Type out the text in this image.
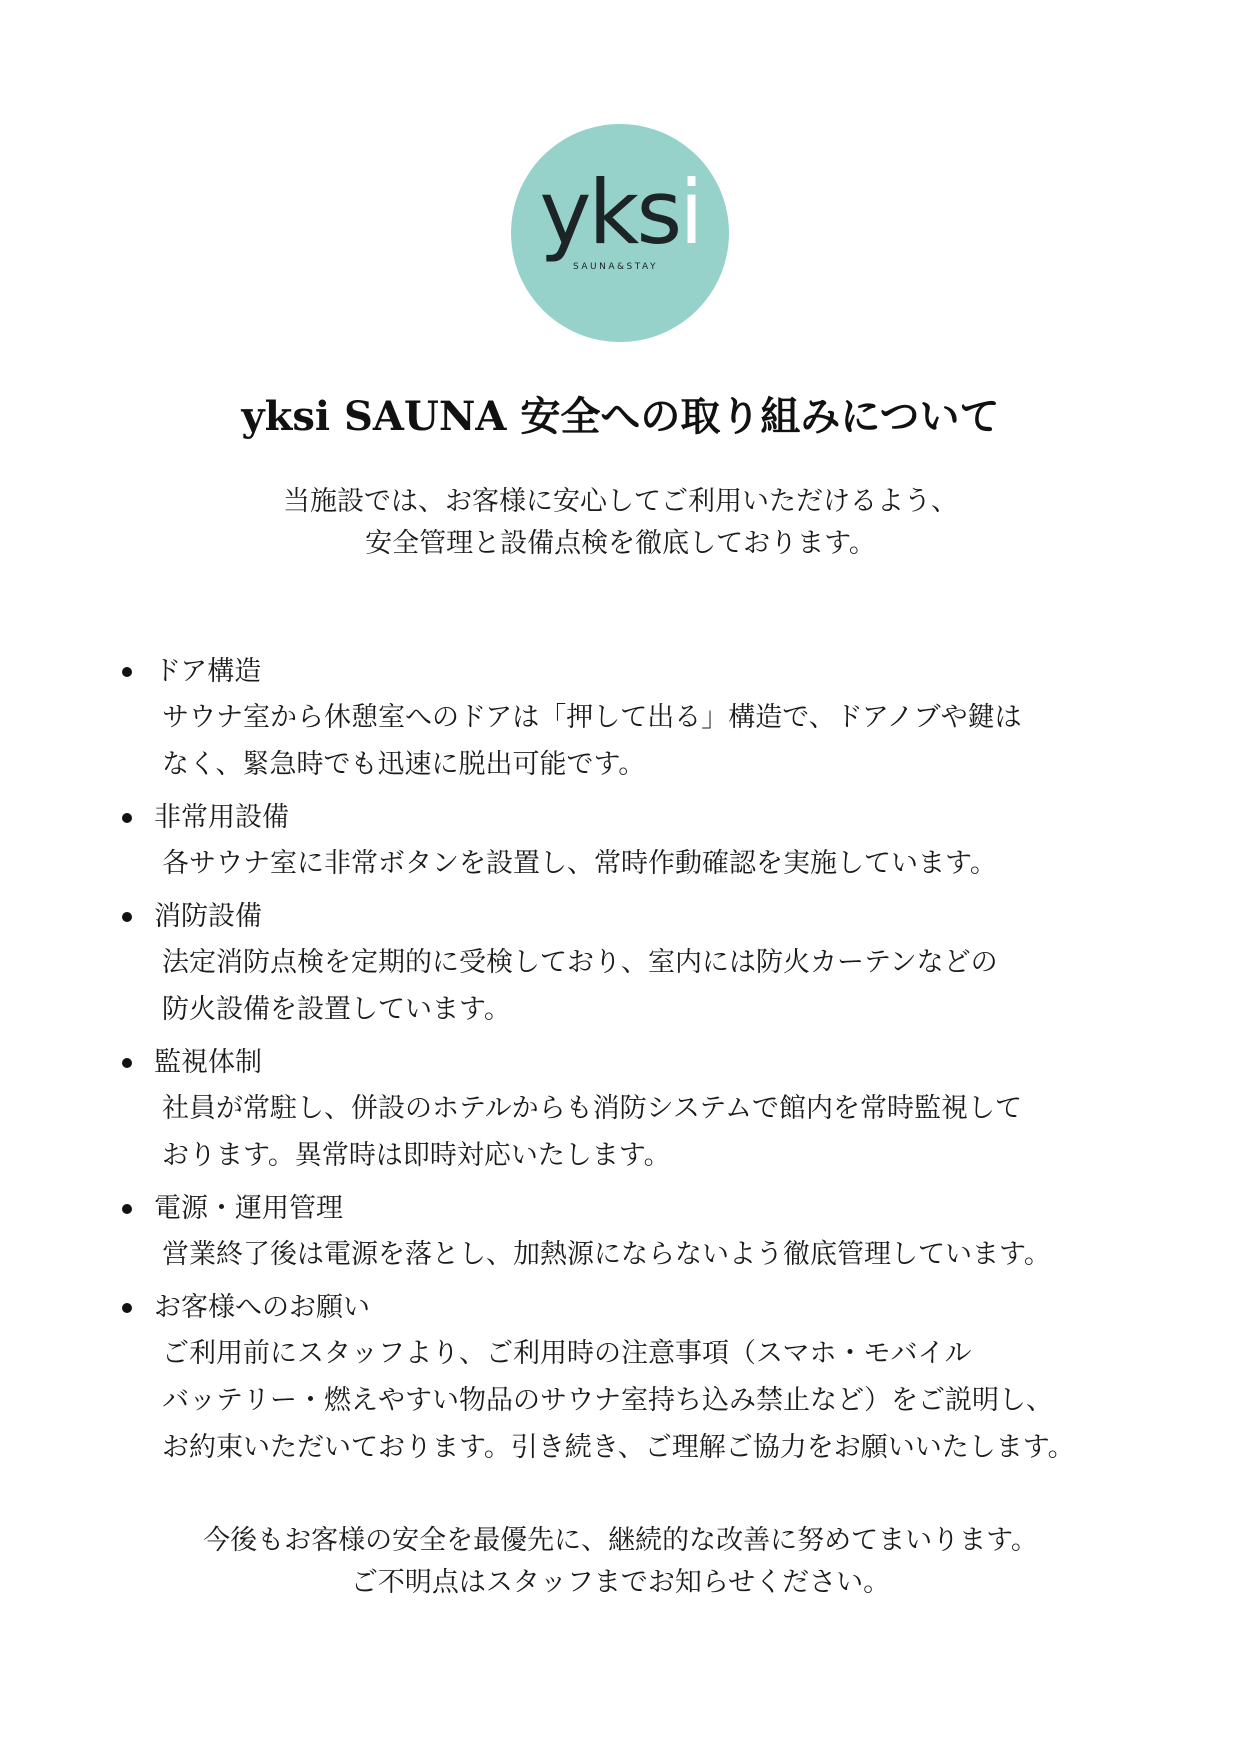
yksi
SAUNA&STAY
yksi SAUNA 安全への取り組みについて
当施設では、お客様に安心してご利用いただけるよう、
安全管理と設備点検を徹底しております。
ドア構造
サウナ室から休憩室へのドアは「押して出る」構造で、ドアノブや鍵は
なく、緊急時でも迅速に脱出可能です。
非常用設備
各サウナ室に非常ボタンを設置し、常時作動確認を実施しています。
消防設備
法定消防点検を定期的に受検しており、室内には防火カーテンなどの
防火設備を設置しています。
監視体制
社員が常駐し、併設のホテルからも消防システムで館内を常時監視して
おります。異常時は即時対応いたします。
電源・運用管理
営業終了後は電源を落とし、加熱源にならないよう徹底管理しています。
お客様へのお願い
ご利用前にスタッフより、ご利用時の注意事項（スマホ・モバイル
バッテリー・燃えやすい物品のサウナ室持ち込み禁止など）をご説明し、
お約束いただいております。引き続き、ご理解ご協力をお願いいたします。
今後もお客様の安全を最優先に、継続的な改善に努めてまいります。
ご不明点はスタッフまでお知らせください。
